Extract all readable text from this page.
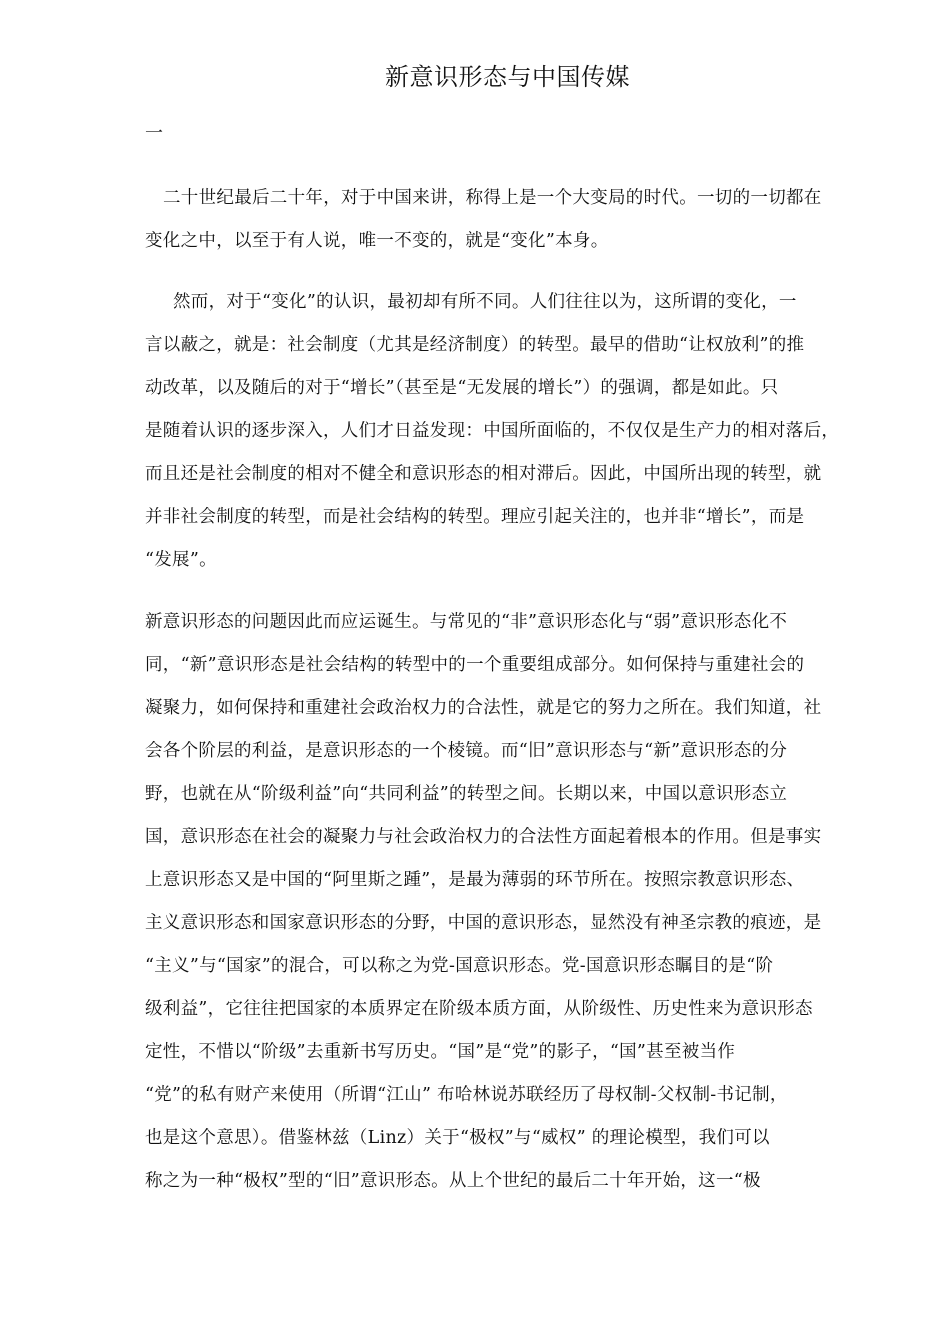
新意识形态与中国传媒
一
二十世纪最后二十年，对于中国来讲，称得上是一个大变局的时代。一切的一切都在
变化之中，以至于有人说，唯一不变的，就是“变化”本身。
然而，对于“变化”的认识，最初却有所不同。人们往往以为，这所谓的变化，一
言以蔽之，就是：社会制度（尤其是经济制度）的转型。最早的借助“让权放利”的推
动改革，以及随后的对于“增长”（甚至是“无发展的增长”）的强调，都是如此。只
是随着认识的逐步深入，人们才日益发现：中国所面临的，不仅仅是生产力的相对落后，
而且还是社会制度的相对不健全和意识形态的相对滞后。因此，中国所出现的转型，就
并非社会制度的转型，而是社会结构的转型。理应引起关注的，也并非“增长”，而是
“发展”。
新意识形态的问题因此而应运诞生。与常见的“非”意识形态化与“弱”意识形态化不
同，“新”意识形态是社会结构的转型中的一个重要组成部分。如何保持与重建社会的
凝聚力，如何保持和重建社会政治权力的合法性，就是它的努力之所在。我们知道，社
会各个阶层的利益，是意识形态的一个棱镜。而“旧”意识形态与“新”意识形态的分
野，也就在从“阶级利益”向“共同利益”的转型之间。长期以来，中国以意识形态立
国，意识形态在社会的凝聚力与社会政治权力的合法性方面起着根本的作用。但是事实
上意识形态又是中国的“阿里斯之踵”，是最为薄弱的环节所在。按照宗教意识形态、
主义意识形态和国家意识形态的分野，中国的意识形态，显然没有神圣宗教的痕迹，是
“主义”与“国家”的混合，可以称之为党-国意识形态。党-国意识形态瞩目的是“阶
级利益”，它往往把国家的本质界定在阶级本质方面，从阶级性、历史性来为意识形态
定性，不惜以“阶级”去重新书写历史。“国”是“党”的影子，“国”甚至被当作
“党”的私有财产来使用（所谓“江山” 布哈林说苏联经历了母权制-父权制-书记制，
也是这个意思）。借鉴林兹（Linz）关于“极权”与“威权” 的理论模型，我们可以
称之为一种“极权”型的“旧”意识形态。从上个世纪的最后二十年开始，这一“极
